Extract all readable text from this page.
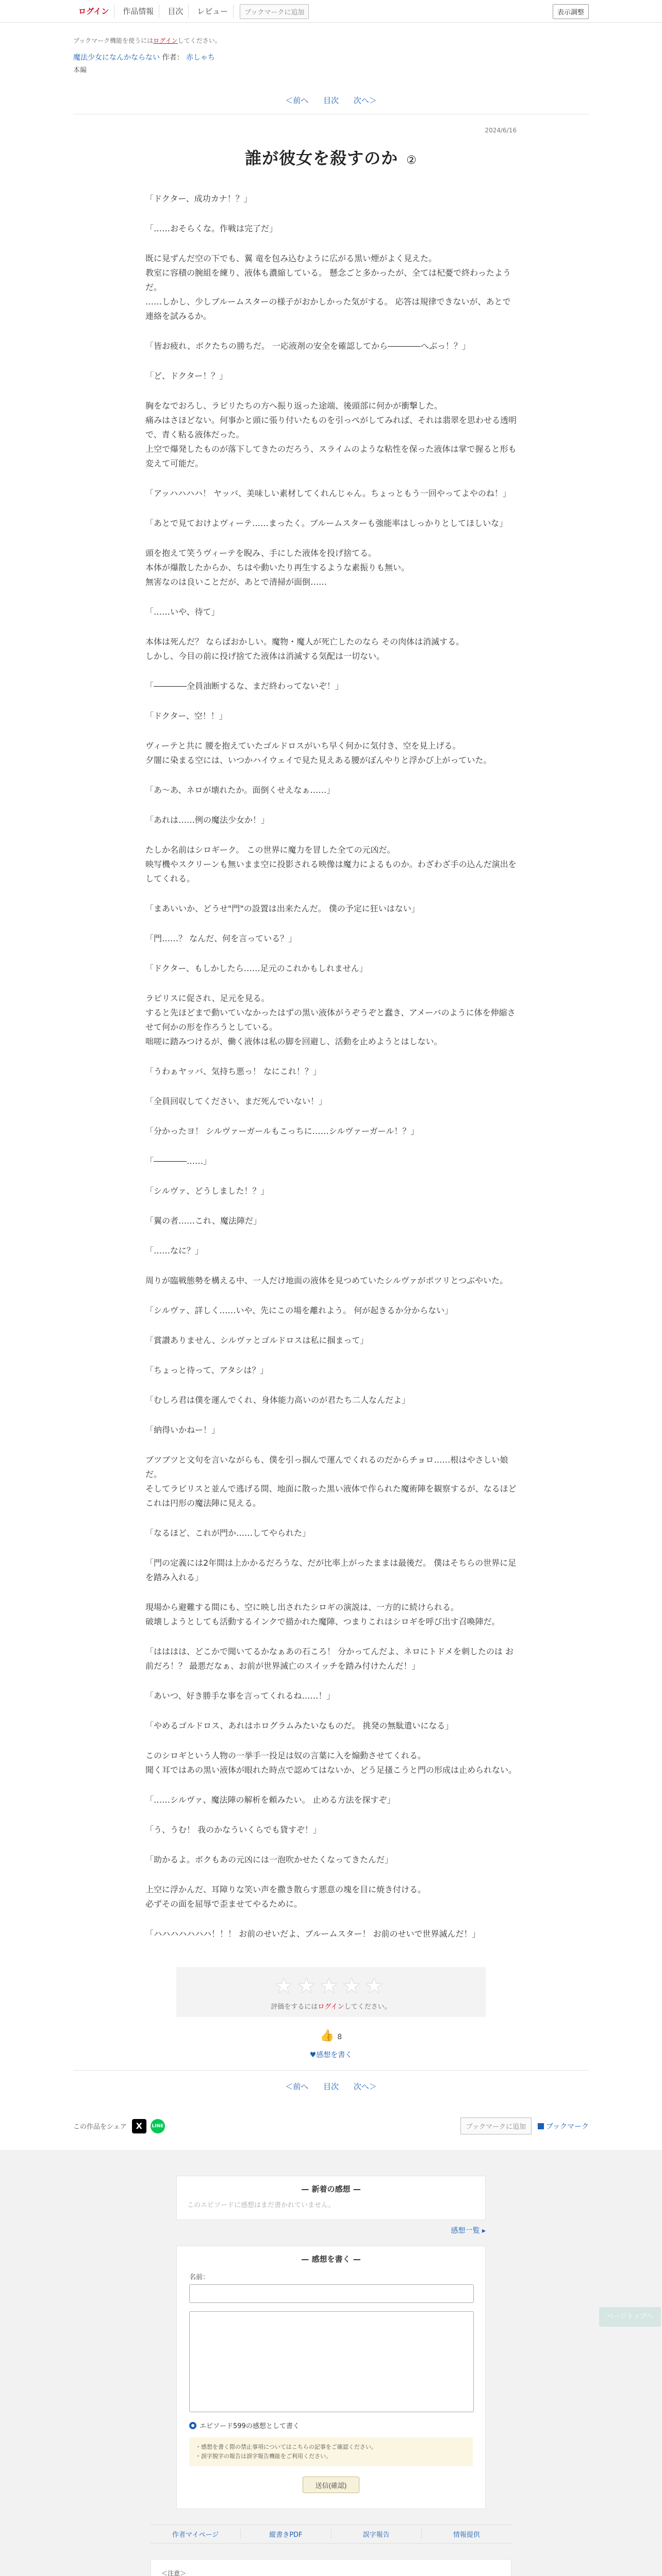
ログイン	作品情報	目次	レビュー	ブックマークに追加	表示調整
ブックマーク機能を使うにはログインしてください。
魔法少女になんかならない 作者： 赤しゃち
本編
＜前へ 目次 次へ＞
2024/6/16
誰が彼女を殺すのか ②

「ドクター、成功カナ！？」

「……おそらくな。作戦は完了だ」

既に見ずんだ空の下でも、翼 竜を包み込むように広がる黒い煙がよく見えた。
教室に容積の腕組を練り、液体も濃縮している。 懸念ごと多かったが、全ては杞憂で終わったようだ。
……しかし、少しブルームスターの様子がおかしかった気がする。 応答は規律できないが、あとで連絡を試みるか。

「皆お疲れ、ボクたちの勝ちだ。 一応液剤の安全を確認してから――――へぶっ！？」

「ど、ドクター！？」

胸をなでおろし、ラピリたちの方へ振り返った途端、後頭部に何かが衝撃した。
痛みはさほどない。何事かと頭に張り付いたものを引っぺがしてみれば、それは翡翠を思わせる透明で、青く粘る液体だった。
上空で爆発したものが落下してきたのだろう、スライムのような粘性を保った液体は掌で握ると形も変えて可能だ。

「アッハハハハ！ ヤッバ、美味しい素材してくれんじゃん。ちょっともう一回やってよやのね！」

「あとで見ておけよヴィーテ……まったく。ブルームスターも強能率はしっかりとしてほしいな」

頭を抱えて笑うヴィーテを睨み、手にした液体を投げ捨てる。
本体が爆散したからか、ちはや動いたり再生するような素振りも無い。
無害なのは良いことだが、あとで清掃が面倒……

「……いや、待て」

本体は死んだ？ ならばおかしい。魔物・魔人が死亡したのなら その肉体は消滅する。
しかし、今目の前に投げ捨てた液体は消滅する気配は一切ない。

「――――全員油断するな、まだ終わってないぞ！」

「ドクター、空！！」

ヴィーテと共に 腰を抱えていたゴルドロスがいち早く何かに気付き、空を見上げる。
夕闇に染まる空には、いつかハイウェイで見た見えある腰がぼんやりと浮かび上がっていた。

「あ～あ、ネロが壊れたか。面倒くせえなぁ……」

「あれは……例の魔法少女か！」

たしか名前はシロギーク。 この世界に魔力を冒した全ての元凶だ。
映写機やスクリーンも無いまま空に投影される映像は魔力によるものか。わざわざ手の込んだ演出をしてくれる。

「まあいいか、どうせ"門"の設置は出来たんだ。 僕の予定に狂いはない」

「門……？ なんだ、何を言っている？」

「ドクター、もしかしたら……足元のこれかもしれません」

ラピリスに促され、足元を見る。
すると先ほどまで動いていなかったはずの黒い液体がうぞうぞと蠢き、アメーバのように体を伸縮させて何かの形を作ろうとしている。
咄嗟に踏みつけるが、働く液体は私の脚を回避し、活動を止めようとはしない。

「うわぁヤッバ、気持ち悪っ！ なにこれ！？」

「全員回収してください、まだ死んでいない！」

「分かったヨ！ シルヴァーガールもこっちに……シルヴァーガール！？」

「――――……」

「シルヴァ、どうしました！？」

「翼の者……これ、魔法陣だ」

「……なに？」

周りが臨戦態勢を構える中、一人だけ地面の液体を見つめていたシルヴァがポツリとつぶやいた。

「シルヴァ、詳しく……いや、先にこの場を離れよう。 何が起きるか分からない」

「賞讃ありません、シルヴァとゴルドロスは私に掴まって」

「ちょっと待って、アタシは？」

「むしろ君は僕を運んでくれ、身体能力高いのが君たち二人なんだよ」

「納得いかねー！」

ブツブツと文句を言いながらも、僕を引っ掴んで運んでくれるのだからチョロ……根はやさしい娘だ。
そしてラピリスと並んで逃げる間、地面に散った黒い液体で作られた魔術陣を観察するが、なるほどこれは円形の魔法陣に見える。

「なるほど、これが門か……してやられた」

「門の定義には2年間は上かかるだろうな、だが比率上がったままは最後だ。 僕はそちらの世界に足を踏み入れる」

現場から避難する間にも、空に映し出されたシロギの演説は、一方的に続けられる。
破壊しようとしても活動するインクで描かれた魔陣、つまりこれはシロギを呼び出す召喚陣だ。

「はははは、どこかで聞いてるかなぁあの石ころ！ 分かってんだよ、ネロにトドメを刺したのは お前だろ！？ 最悪だなぁ、お前が世界滅亡のスイッチを踏み付けたんだ！」

「あいつ、好き勝手な事を言ってくれるね……！」

「やめるゴルドロス、あれはホログラムみたいなものだ。 挑発の無駄遣いになる」

このシロギという人物の一挙手一投足は奴の言葉に入を煽動させてくれる。
聞く耳ではあの黒い液体が眼れた時点で認めてはないか、どう足搔こうと門の形成は止められない。

「……シルヴァ、魔法陣の解析を頼みたい。 止める方法を探すぞ」

「う、うむ！ 我のかなういくらでも貸すぞ！」

「助かるよ。ボクもあの元凶には一泡吹かせたくなってきたんだ」

上空に浮かんだ、耳障りな笑い声を撒き散らす悪意の塊を目に焼き付ける。
必ずその面を屈辱で歪ませてやるために。

「ハハハハハハハ！！！ お前のせいだよ、ブルームスター！ お前のせいで世界滅んだ！」

ページトップへ
★★★★★
評価をするにはログインしてください。
👍 8
♥感想を書く
＜前へ 目次 次へ＞
この作品をシェア	X	LINE	ブックマークに追加	ブックマーク
— 新着の感想 —
このエピソードに感想はまだ書かれていません。
感想一覧 ▸
— 感想を書く —
名前：
エピソード599の感想として書く
・感想を書く際の禁止事項についてはこちらの記事をご確認ください。
・誤字脱字の報告は誤字報告機能をご利用ください。
送信(確認)
作者マイページ	縦書きPDF	誤字報告	情報提供
＜注意＞
